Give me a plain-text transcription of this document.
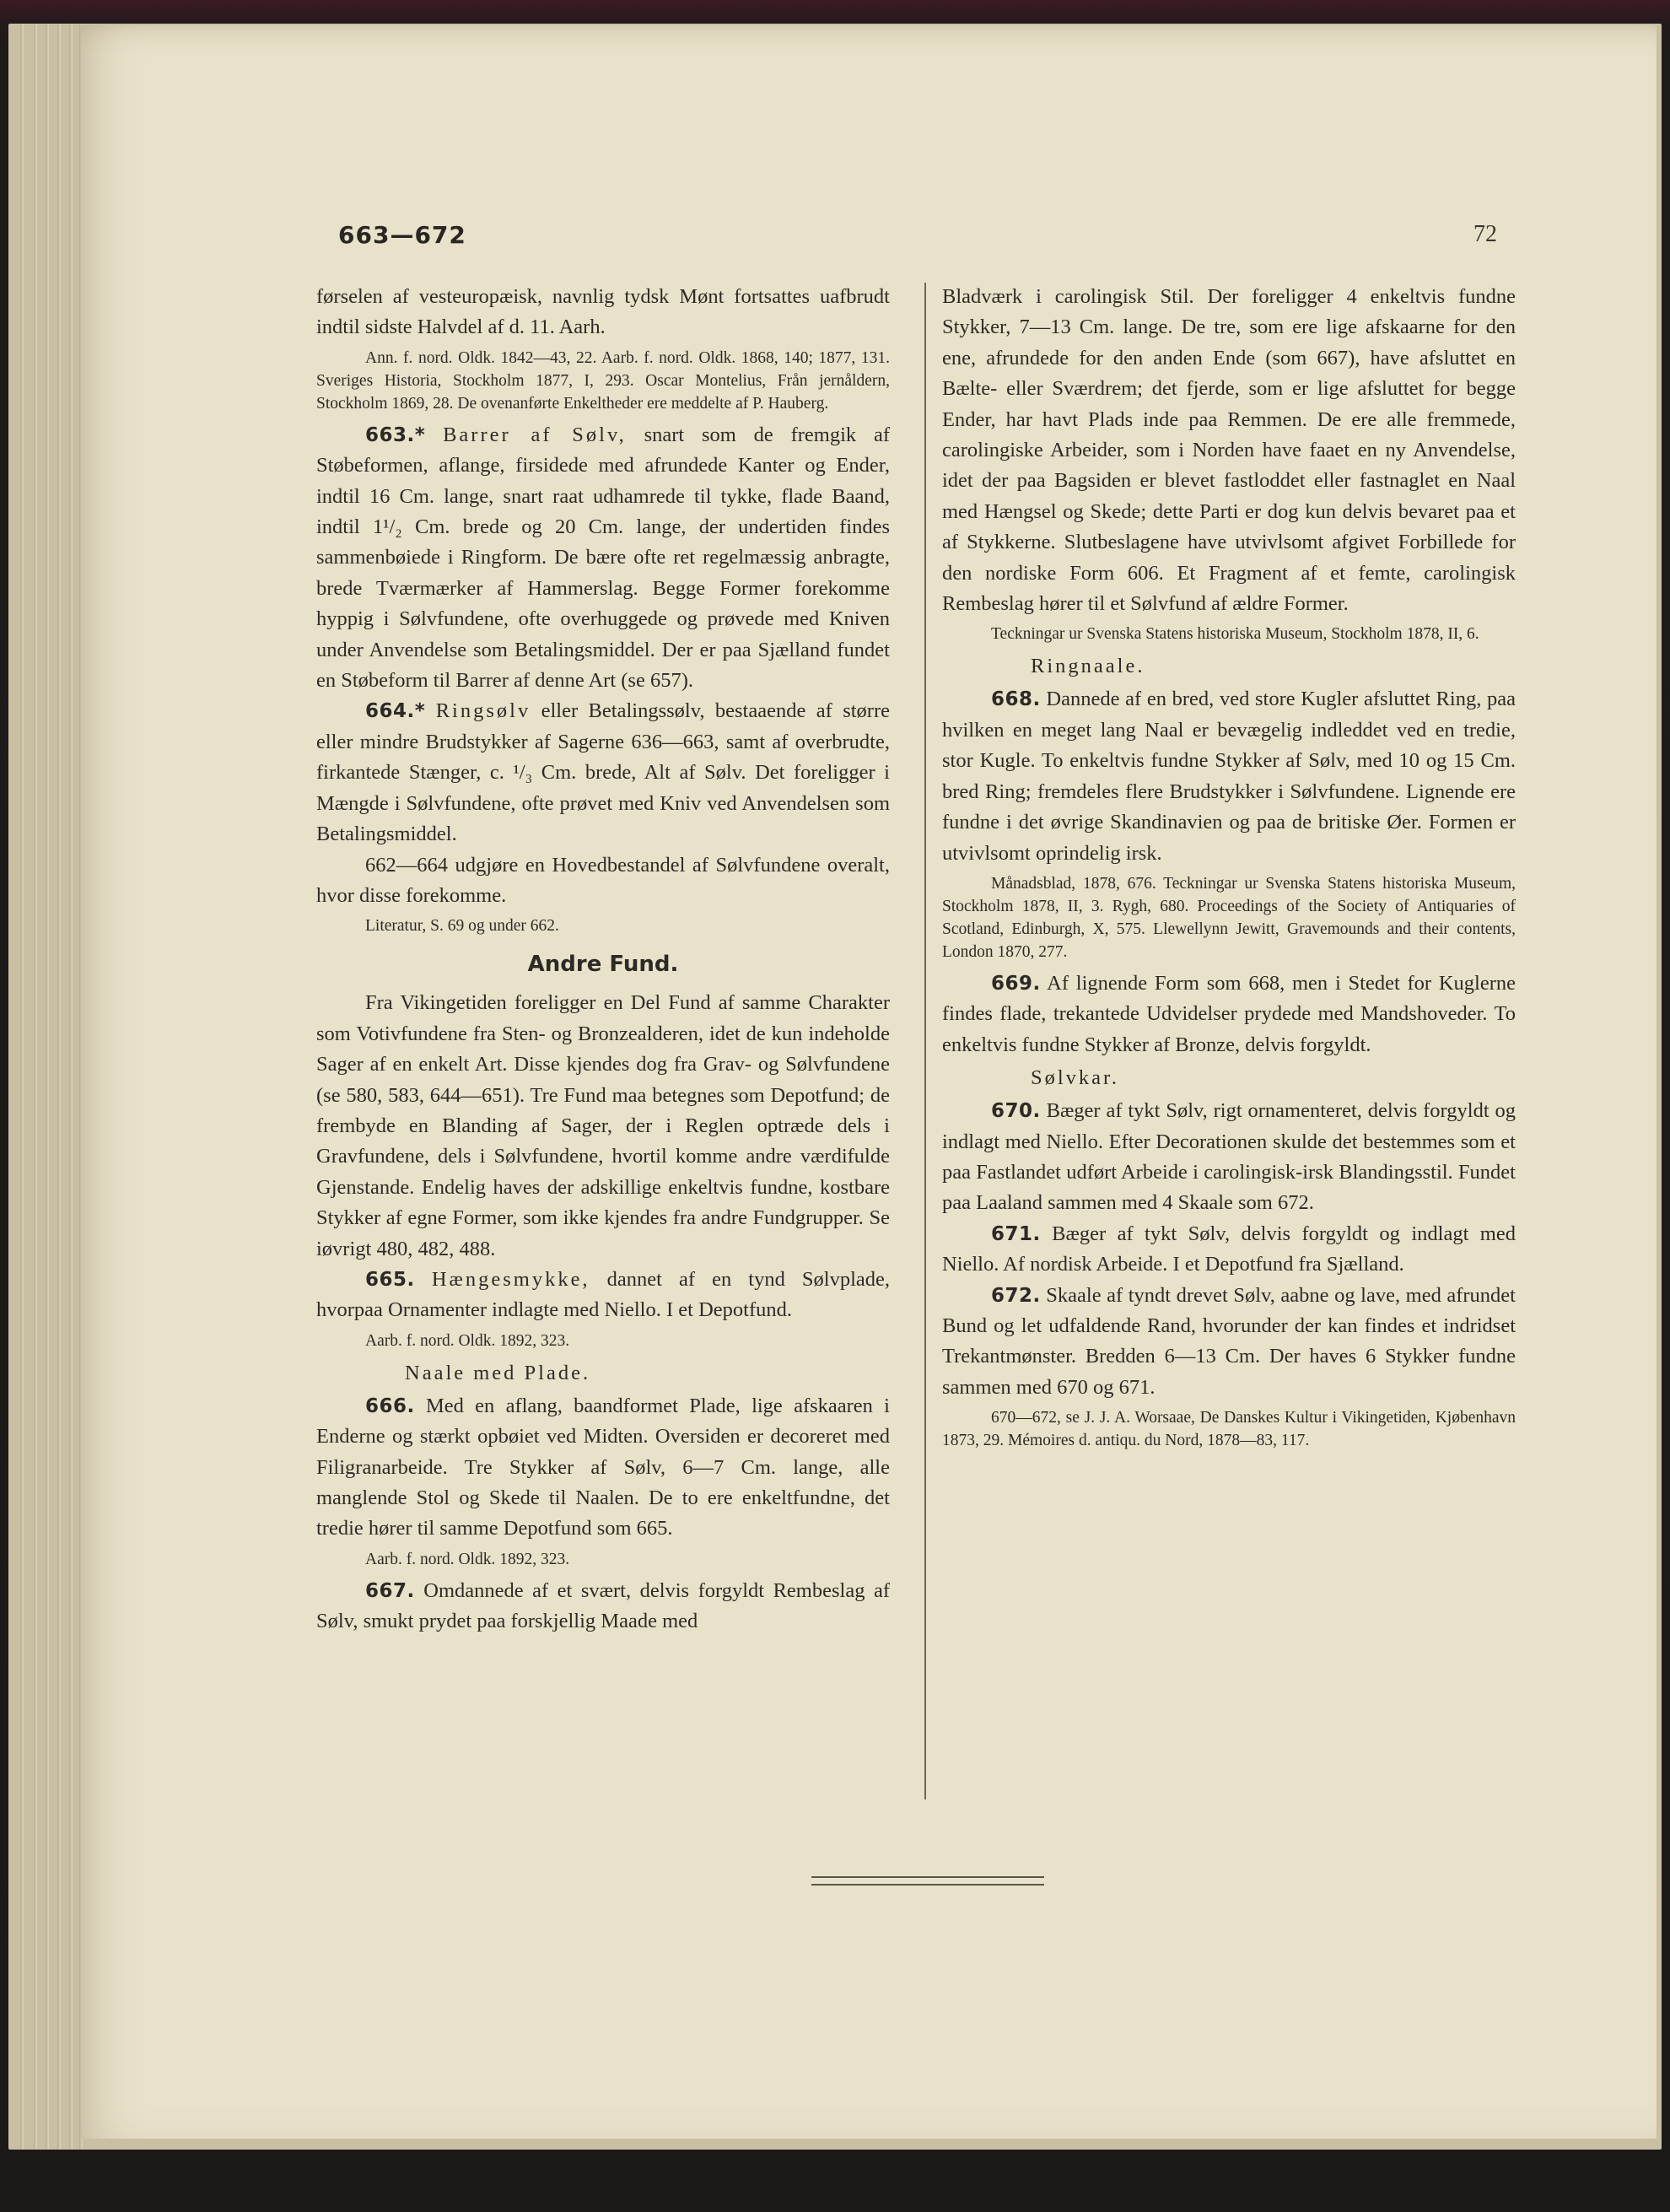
663—672	72

førselen af vesteuropæisk, navnlig tydsk Mønt fortsattes uafbrudt indtil sidste Halvdel af d. 11. Aarh.

Ann. f. nord. Oldk. 1842—43, 22. Aarb. f. nord. Oldk. 1868, 140; 1877, 131. Sveriges Historia, Stockholm 1877, I, 293. Oscar Montelius, Från jernåldern, Stockholm 1869, 28. De ovenanførte Enkeltheder ere meddelte af P. Hauberg.

663.* Barrer af Sølv, snart som de fremgik af Støbeformen, aflange, firsidede med afrundede Kanter og Ender, indtil 16 Cm. lange, snart raat udhamrede til tykke, flade Baand, indtil 1¹/₂ Cm. brede og 20 Cm. lange, der undertiden findes sammenbøiede i Ringform. De bære ofte ret regelmæssig anbragte, brede Tværmærker af Hammerslag. Begge Former forekomme hyppig i Sølvfundene, ofte overhuggede og prøvede med Kniven under Anvendelse som Betalingsmiddel. Der er paa Sjælland fundet en Støbeform til Barrer af denne Art (se 657).

664.* Ringsølv eller Betalingssølv, bestaaende af større eller mindre Brudstykker af Sagerne 636—663, samt af overbrudte, firkantede Stænger, c. ¹/₃ Cm. brede, Alt af Sølv. Det foreligger i Mængde i Sølvfundene, ofte prøvet med Kniv ved Anvendelsen som Betalingsmiddel.

662—664 udgjøre en Hovedbestandel af Sølvfundene overalt, hvor disse forekomme.

Literatur, S. 69 og under 662.

Andre Fund.

Fra Vikingetiden foreligger en Del Fund af samme Charakter som Votivfundene fra Sten- og Bronzealderen, idet de kun indeholde Sager af en enkelt Art. Disse kjendes dog fra Grav- og Sølvfundene (se 580, 583, 644—651). Tre Fund maa betegnes som Depotfund; de frembyde en Blanding af Sager, der i Reglen optræde dels i Gravfundene, dels i Sølvfundene, hvortil komme andre værdifulde Gjenstande. Endelig haves der adskillige enkeltvis fundne, kostbare Stykker af egne Former, som ikke kjendes fra andre Fundgrupper. Se iøvrigt 480, 482, 488.

665. Hængesmykke, dannet af en tynd Sølvplade, hvorpaa Ornamenter indlagte med Niello. I et Depotfund.

Aarb. f. nord. Oldk. 1892, 323.

Naale med Plade.

666. Med en aflang, baandformet Plade, lige afskaaren i Enderne og stærkt opbøiet ved Midten. Oversiden er decoreret med Filigranarbeide. Tre Stykker af Sølv, 6—7 Cm. lange, alle manglende Stol og Skede til Naalen. De to ere enkeltfundne, det tredie hører til samme Depotfund som 665.

Aarb. f. nord. Oldk. 1892, 323.

667. Omdannede af et svært, delvis forgyldt Rembeslag af Sølv, smukt prydet paa forskjellig Maade med

Bladværk i carolingisk Stil. Der foreligger 4 enkeltvis fundne Stykker, 7—13 Cm. lange. De tre, som ere lige afskaarne for den ene, afrundede for den anden Ende (som 667), have afsluttet en Bælte- eller Sværdrem; det fjerde, som er lige afsluttet for begge Ender, har havt Plads inde paa Remmen. De ere alle fremmede, carolingiske Arbeider, som i Norden have faaet en ny Anvendelse, idet der paa Bagsiden er blevet fastloddet eller fastnaglet en Naal med Hængsel og Skede; dette Parti er dog kun delvis bevaret paa et af Stykkerne. Slutbeslagene have utvivlsomt afgivet Forbillede for den nordiske Form 606. Et Fragment af et femte, carolingisk Rembeslag hører til et Sølvfund af ældre Former.

Teckningar ur Svenska Statens historiska Museum, Stockholm 1878, II, 6.

Ringnaale.

668. Dannede af en bred, ved store Kugler afsluttet Ring, paa hvilken en meget lang Naal er bevægelig indleddet ved en tredie, stor Kugle. To enkeltvis fundne Stykker af Sølv, med 10 og 15 Cm. bred Ring; fremdeles flere Brudstykker i Sølvfundene. Lignende ere fundne i det øvrige Skandinavien og paa de britiske Øer. Formen er utvivlsomt oprindelig irsk.

Månadsblad, 1878, 676. Teckningar ur Svenska Statens historiska Museum, Stockholm 1878, II, 3. Rygh, 680. Proceedings of the Society of Antiquaries of Scotland, Edinburgh, X, 575. Llewellynn Jewitt, Gravemounds and their contents, London 1870, 277.

669. Af lignende Form som 668, men i Stedet for Kuglerne findes flade, trekantede Udvidelser prydede med Mandshoveder. To enkeltvis fundne Stykker af Bronze, delvis forgyldt.

Sølvkar.

670. Bæger af tykt Sølv, rigt ornamenteret, delvis forgyldt og indlagt med Niello. Efter Decorationen skulde det bestemmes som et paa Fastlandet udført Arbeide i carolingisk-irsk Blandingsstil. Fundet paa Laaland sammen med 4 Skaale som 672.

671. Bæger af tykt Sølv, delvis forgyldt og indlagt med Niello. Af nordisk Arbeide. I et Depotfund fra Sjælland.

672. Skaale af tyndt drevet Sølv, aabne og lave, med afrundet Bund og let udfaldende Rand, hvorunder der kan findes et indridset Trekantmønster. Bredden 6—13 Cm. Der haves 6 Stykker fundne sammen med 670 og 671.

670—672, se J. J. A. Worsaae, De Danskes Kultur i Vikingetiden, Kjøbenhavn 1873, 29. Mémoires d. antiqu. du Nord, 1878—83, 117.
